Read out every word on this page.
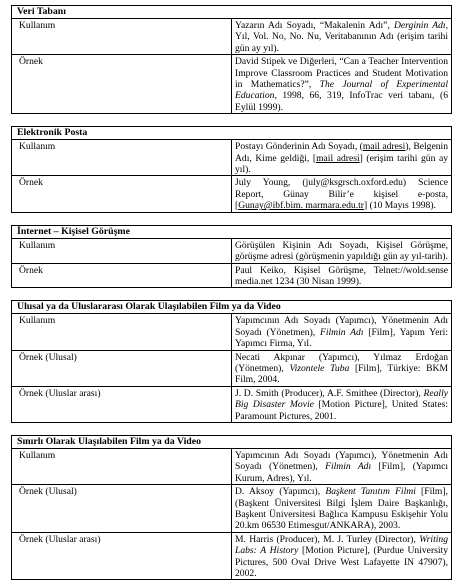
Veri Tabanı	
Kullanım	Yazarın Adı Soyadı, “Makalenin Adı”, Derginin Adı, Yıl, Vol. No, No. Nu, Veritabanının Adı (erişim tarihi gün ay yıl).
Örnek	David Stipek ve Diğerleri, “Can a Teacher Intervention Improve Classroom Practices and Student Motivation in Mathematics?”, The Journal of Experimental Education, 1998, 66, 319, InfoTrac veri tabanı, (6 Eylül 1999).
Elektronik Posta	
Kullanım	Postayı Gönderinin Adı Soyadı, (mail adresi), Belgenin Adı, Kime geldiği, [mail adresi] (erişim tarihi gün ay yıl).
Örnek	July Young, (july@ksgrsch.oxford.edu) Science Report, Günay Bilir’e kişisel e-posta, [Gunay@ibf.bim. marmara.edu.tr] (10 Mayıs 1998).
İnternet – Kişisel Görüşme	
Kullanım	Görüşülen Kişinin Adı Soyadı, Kişisel Görüşme, görüşme adresi (görüşmenin yapıldığı gün ay yıl-tarih).
Örnek	Paul Keiko, Kişisel Görüşme, Telnet://wold.sense media.net 1234 (30 Nisan 1999).
Ulusal ya da Uluslararası Olarak Ulaşılabilen Film ya da Video	
Kullanım	Yapımcının Adı Soyadı (Yapımcı), Yönetmenin Adı Soyadı (Yönetmen), Filmin Adı [Film], Yapım Yeri: Yapımcı Firma, Yıl.
Örnek (Ulusal)	Necati Akpınar (Yapımcı), Yılmaz Erdoğan (Yönetmen), Vizontele Tuba [Film], Türkiye: BKM Film, 2004.
Örnek (Uluslar arası)	J. D. Smith (Producer), A.F. Smithee (Director), Really Big Disaster Movie [Motion Picture], United States: Paramount Pictures, 2001.
Sınırlı Olarak Ulaşılabilen Film ya da Video	
Kullanım	Yapımcının Adı Soyadı (Yapımcı), Yönetmenin Adı Soyadı (Yönetmen), Filmin Adı [Film], (Yapımcı Kurum, Adres), Yıl.
Örnek (Ulusal)	D. Aksoy (Yapımcı), Başkent Tanıtım Filmi [Film], (Başkent Üniversitesi Bilgi İşlem Daire Başkanlığı, Başkent Üniversitesi Bağlıca Kampusu Eskişehir Yolu 20.km 06530 Etimesgut/ANKARA), 2003.
Örnek (Uluslar arası)	M. Harris (Producer), M. J. Turley (Director), Writing Labs: A History [Motion Picture], (Purdue University Pictures, 500 Oval Drive West Lafayette IN 47907), 2002.
